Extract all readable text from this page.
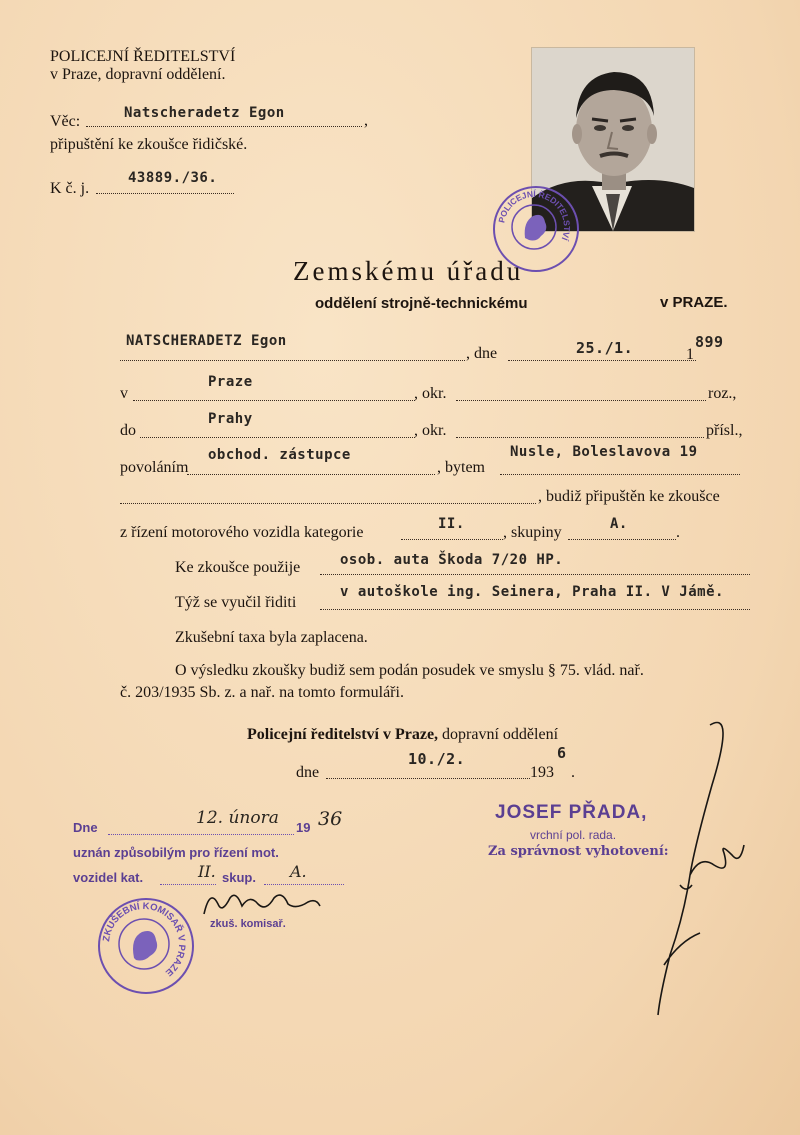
POLICEJNÍ ŘEDITELSTVÍ
v Praze, dopravní oddělení.
Věc:	Natscheradetz Egon	,
připuštění ke zkoušce řidičské.
K č. j.
43889./36.
POLICEJNÍ ŘEDITELSTVÍ
Zemskému úřadu
oddělení strojně-technickému	v PRAZE.
NATSCHERADETZ Egon
, dne	25./1.	1
899
v
Praze
, okr.	roz.,
do
Prahy
, okr.	přísl.,
povoláním
obchod. zástupce
, bytem
Nusle, Boleslavova 19
, budiž připuštěn ke zkoušce
z řízení motorového vozidla kategorie	II. , skupiny	A.	.
Ke zkoušce použije	osob. auta Škoda 7/20 HP.
Týž se vyučil řiditi
v autoškole ing. Seinera, Praha II. V Jámě.
Zkušební taxa byla zaplacena.
O výsledku zkoušky budiž sem podán posudek ve smyslu § 75. vlád. nař.
č. 203/1935 Sb. z. a nař. na tomto formuláři.
Policejní ředitelství v Praze, dopravní oddělení
dne
10./2.
193
6
.
JOSEF PŘADA,
vrchní pol. rada.
Za správnost vyhotovení:
Dne	12. února 19 36
uznán způsobilým pro řízení mot.
vozidel kat.	II. skup. A.
zkuš. komisař.
ZKUŠEBNÍ KOMISAŘ V PRAZE
